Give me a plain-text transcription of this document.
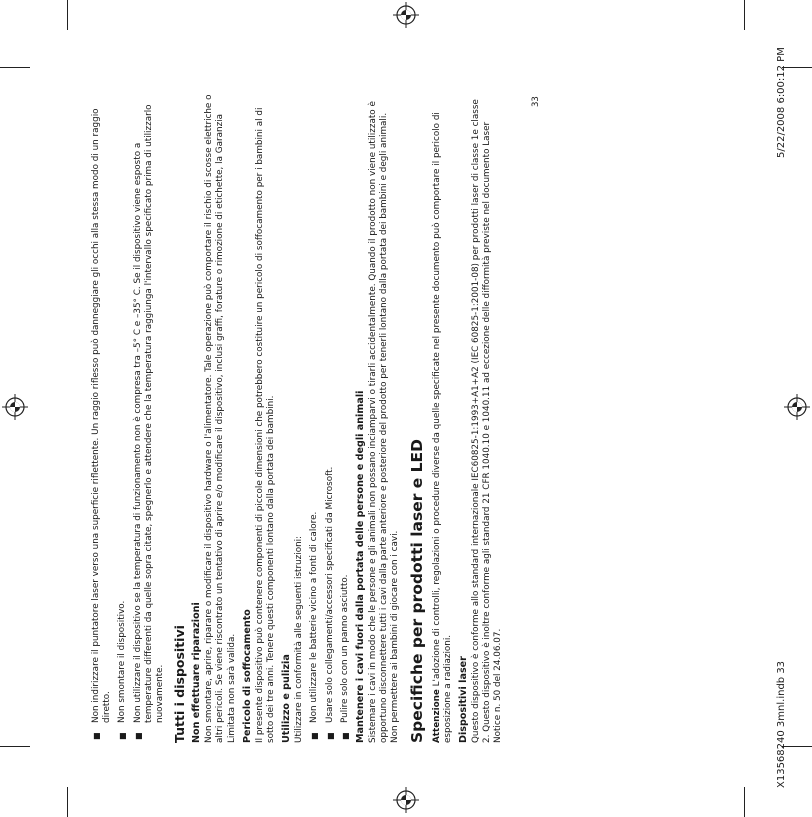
■
Non indirizzare il puntatore laser verso una superficie riflettente. Un raggio riflesso può danneggiare gli occhi alla stessa modo di un raggio diretto.
■
Non smontare il dispositivo.
■
Non utilizzare il dispositivo se la temperatura di funzionamento non è compresa tra –5° C e –35° C. Se il dispositivo viene esposto a temperature differenti da quelle sopra citate, spegnerlo e attendere che la temperatura raggiunga l'intervallo specificato prima di utilizzarlo nuovamente. Tutti i dispositivi Non effettuare riparazioni Non smontare, aprire, riparare o modificare il dispositivo hardware o l'alimentatore. Tale operazione può comportare il rischio di scosse elettriche o altri pericoli. Se viene riscontrato un tentativo di aprire e/o modificare il dispositivo, inclusi graffi, forature o rimozione di etichette, la Garanzia Limitata non sarà valida. Pericolo di soffocamento Il presente dispositivo può contenere componenti di piccole dimensioni che potrebbero costituire un pericolo di soffocamento per i bambini al di sotto dei tre anni. Tenere questi componenti lontano dalla portata dei bambini. Utilizzo e pulizia Utilizzare in conformità alle seguenti istruzioni: ■
Non utilizzare le batterie vicino a fonti di calore.
■
Usare solo collegamenti/accessori specificati da Microsoft.
■
Pulire solo con un panno asciutto. Mantenere i cavi fuori dalla portata delle persone e degli animali Sistemare i cavi in modo che le persone e gli animali non possano inciamparvi o tirarli accidentalmente. Quando il prodotto non viene utilizzato è opportuno disconnettere tutti i cavi dalla parte anteriore e posteriore del prodotto per tenerli lontano dalla portata dei bambini e degli animali. Non permettere ai bambini di giocare con i cavi. Specifiche per prodotti laser e LED Attenzione L'adozione di controlli, regolazioni o procedure diverse da quelle specificate nel presente documento può comportare il pericolo di esposizione a radiazioni. Dispositivi laser Questo dispositivo è conforme allo standard internazionale IEC60825-1:1993+A1+A2 (IEC 60825-1:2001-08) per prodotti laser di classe 1e classe 2. Questo dispositivo è inoltre conforme agli standard 21 CFR 1040.10 e 1040.11 ad eccezione delle difformità previste nel documento Laser Notice n. 50 del 24.06.07.

33
X13568240 3mnl.indb 33
5/22/2008 6:00:12 PM
